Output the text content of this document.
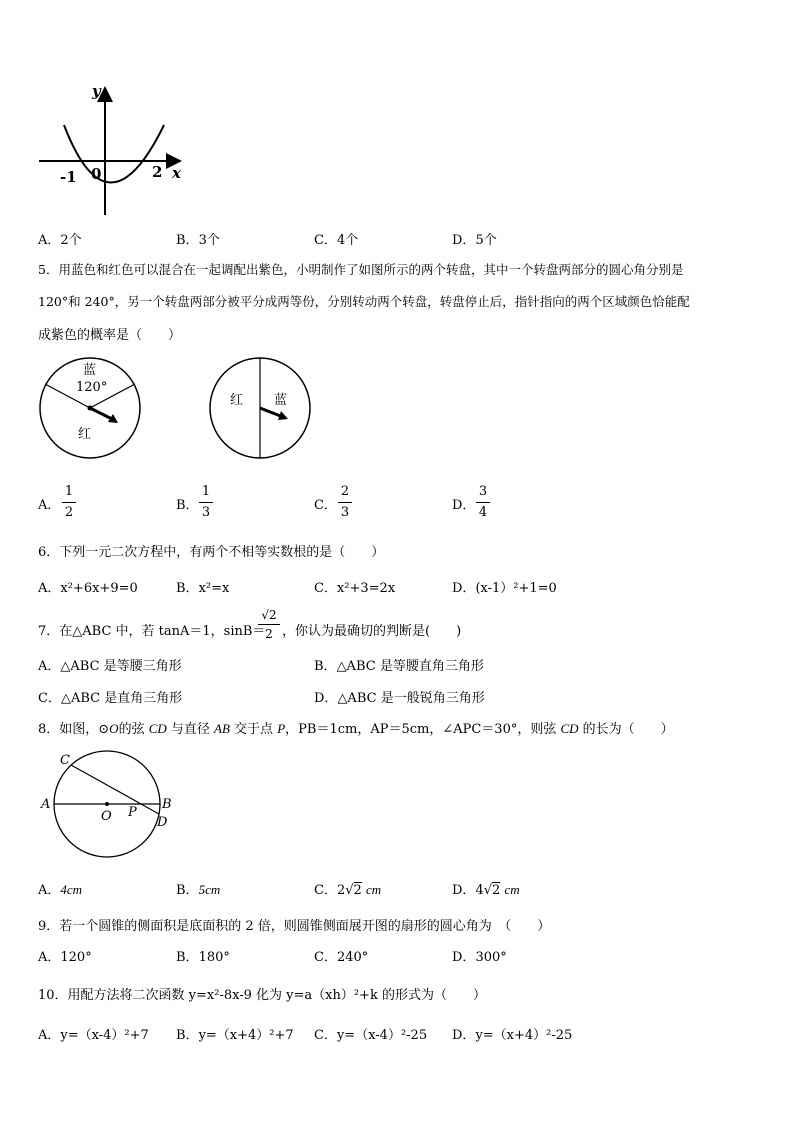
y
x
-1 0	2
A．2个	B．3个	C．4个	D．5个
5．用蓝色和红色可以混合在一起调配出紫色，小明制作了如图所示的两个转盘，其中一个转盘两部分的圆心角分别是
120°和 240°，另一个转盘两部分被平分成两等份，分别转动两个转盘，转盘停止后，指针指向的两个区域颜色恰能配
成紫色的概率是（　　）
蓝
120°
红
红 蓝
A．
1
2	B．
1
3	C．
2
3	D．
3
4
6．下列一元二次方程中，有两个不相等实数根的是（　　）
A．x²+6x+9=0	B．x²=x	C．x²+3=2x	D．(x-1）²+1=0
7．在△ABC 中，若 tanA＝1，sinB＝
√2
2 ，你认为最确切的判断是(　　)
A．△ABC 是等腰三角形	B．△ABC 是等腰直角三角形
C．△ABC 是直角三角形	D．△ABC 是一般锐角三角形
8．如图，⊙O的弦 CD 与直径 AB 交于点 P，PB＝1cm，AP＝5cm，∠APC＝30°，则弦 CD 的长为（　　）
C
A
O P
B
D
A．4cm	B．5cm	C．2√2 cm	D．4√2 cm
9．若一个圆锥的侧面积是底面积的 2 倍，则圆锥侧面展开图的扇形的圆心角为　（　　）
A．120°	B．180°	C．240°	D．300°
10．用配方法将二次函数 y=x²-8x-9 化为 y=a（xh）²+k 的形式为（　　）
A．y=（x-4）²+7 B．y=（x+4）²+7 C．y=（x-4）²-25 D．y=（x+4）²-25
